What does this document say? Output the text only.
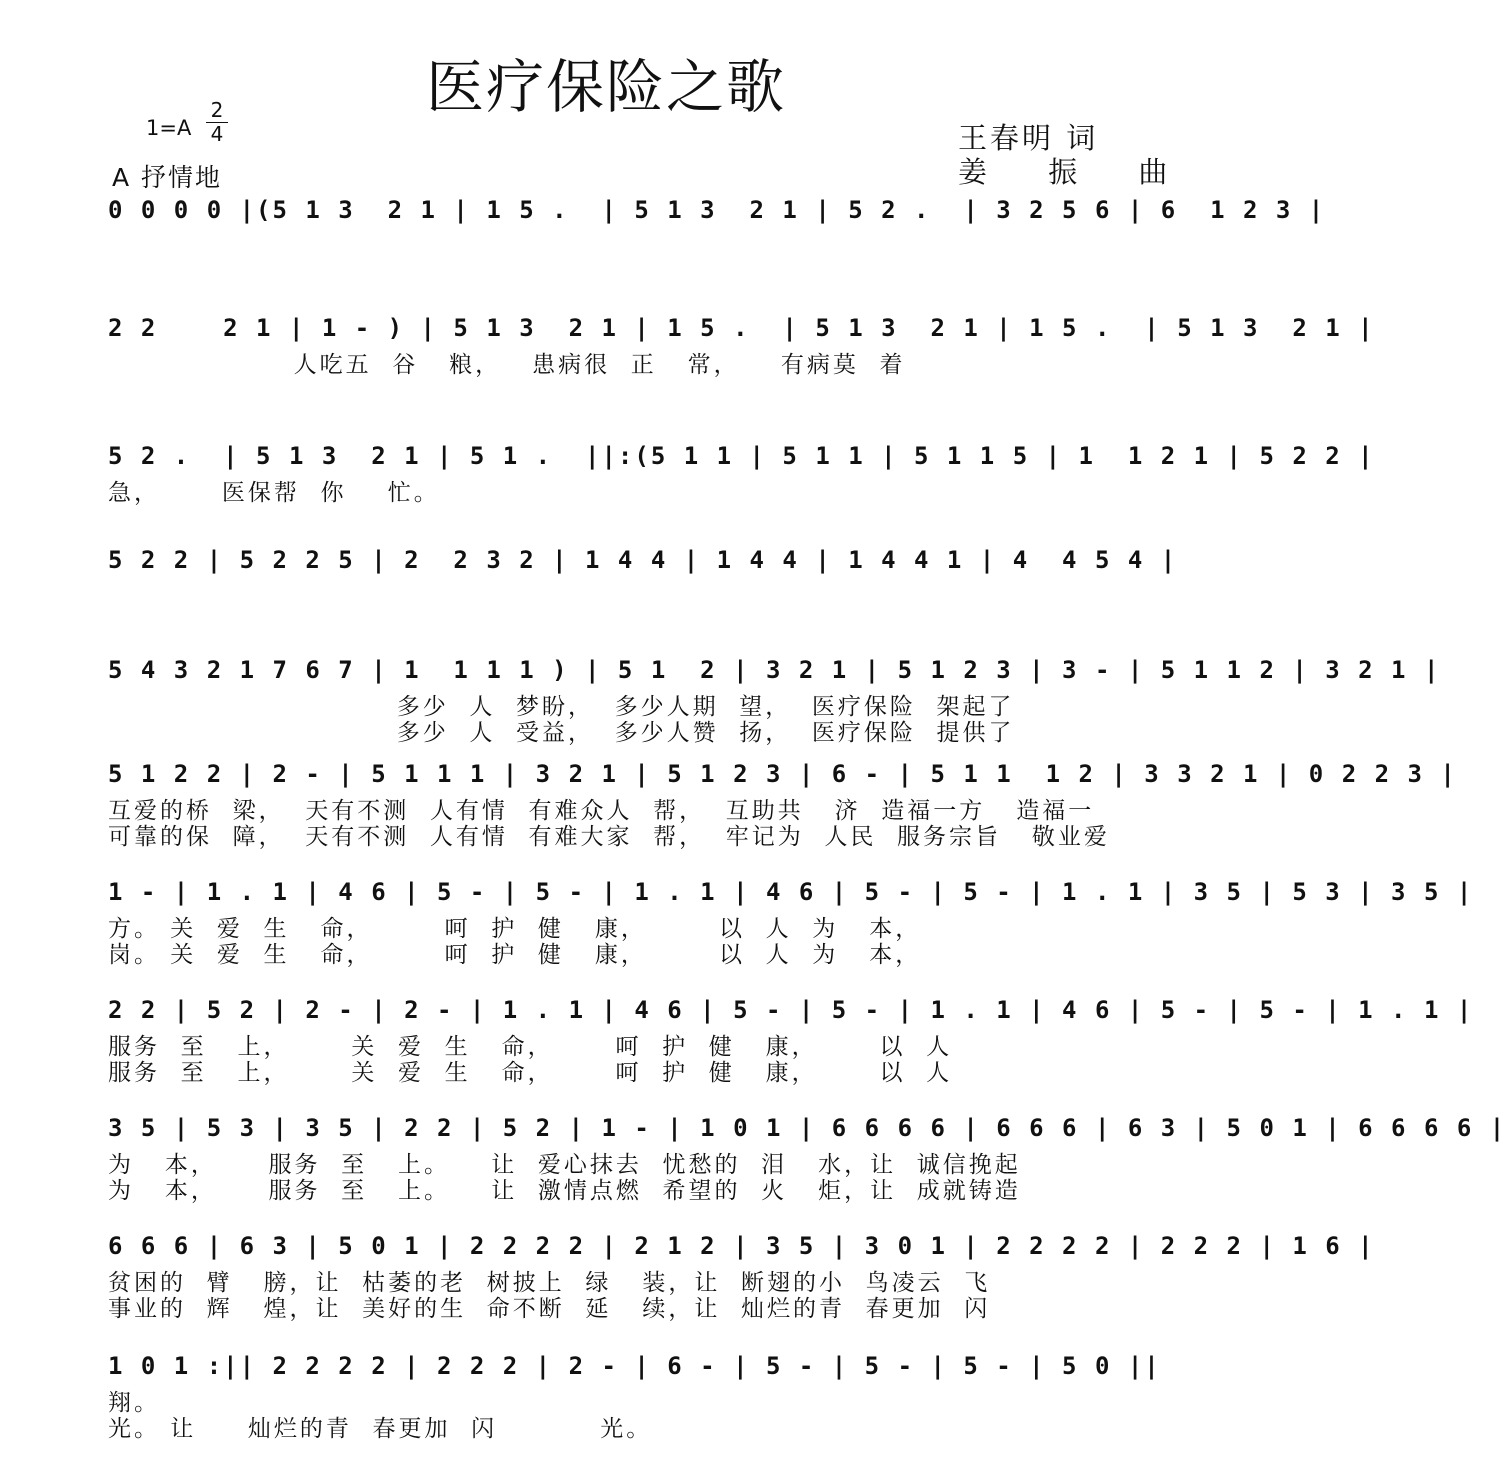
医疗保险之歌
1=A
2
4
A 抒情地
王春明 词
姜 振 曲
0 0 0 0 |(5 1 3  2 1 | 1 5 .  | 5 1 3  2 1 | 5 2 .  | 3 2 5 6 | 6  1 2 3 |
2 2    2 1 | 1 - ) | 5 1 3  2 1 | 1 5 .  | 5 1 3  2 1 | 1 5 .  | 5 1 3  2 1 |
人吃五  谷   粮，   患病很  正   常，    有病莫  着
5 2 .  | 5 1 3  2 1 | 5 1 .  ||:(5 1 1 | 5 1 1 | 5 1 1 5 | 1  1 2 1 | 5 2 2 |
急，      医保帮  你    忙。
5 2 2 | 5 2 2 5 | 2  2 3 2 | 1 4 4 | 1 4 4 | 1 4 4 1 | 4  4 5 4 |
5 4 3 2 1 7 6 7 | 1  1 1 1 ) | 5 1  2 | 3 2 1 | 5 1 2 3 | 3 - | 5 1 1 2 | 3 2 1 |
多少  人  梦盼，  多少人期  望，  医疗保险  架起了
多少  人  受益，  多少人赞  扬，  医疗保险  提供了
5 1 2 2 | 2 - | 5 1 1 1 | 3 2 1 | 5 1 2 3 | 6 - | 5 1 1  1 2 | 3 3 2 1 | 0 2 2 3 |
互爱的桥  梁，  天有不测  人有情  有难众人  帮，  互助共   济  造福一方   造福一
可靠的保  障，  天有不测  人有情  有难大家  帮，  牢记为  人民  服务宗旨   敬业爱
1 - | 1 . 1 | 4 6 | 5 - | 5 - | 1 . 1 | 4 6 | 5 - | 5 - | 1 . 1 | 3 5 | 5 3 | 3 5 |
方。 关  爱  生   命，       呵  护  健   康，       以  人  为   本，
岗。 关  爱  生   命，       呵  护  健   康，       以  人  为   本，
2 2 | 5 2 | 2 - | 2 - | 1 . 1 | 4 6 | 5 - | 5 - | 1 . 1 | 4 6 | 5 - | 5 - | 1 . 1 |
服务  至   上，      关  爱  生   命，      呵  护  健   康，      以  人
服务  至   上，      关  爱  生   命，      呵  护  健   康，      以  人
3 5 | 5 3 | 3 5 | 2 2 | 5 2 | 1 - | 1 0 1 | 6 6 6 6 | 6 6 6 | 6 3 | 5 0 1 | 6 6 6 6 |
为   本，     服务  至   上。    让  爱心抹去  忧愁的  泪   水，让  诚信挽起
为   本，     服务  至   上。    让  激情点燃  希望的  火   炬，让  成就铸造
6 6 6 | 6 3 | 5 0 1 | 2 2 2 2 | 2 1 2 | 3 5 | 3 0 1 | 2 2 2 2 | 2 2 2 | 1 6 |
贫困的  臂   膀，让  枯萎的老  树披上  绿   装，让  断翅的小  鸟凌云  飞
事业的  辉   煌，让  美好的生  命不断  延   续，让  灿烂的青  春更加  闪
1 0 1 :|| 2 2 2 2 | 2 2 2 | 2 - | 6 - | 5 - | 5 - | 5 - | 5 0 ||
翔。
光。 让     灿烂的青  春更加  闪          光。
